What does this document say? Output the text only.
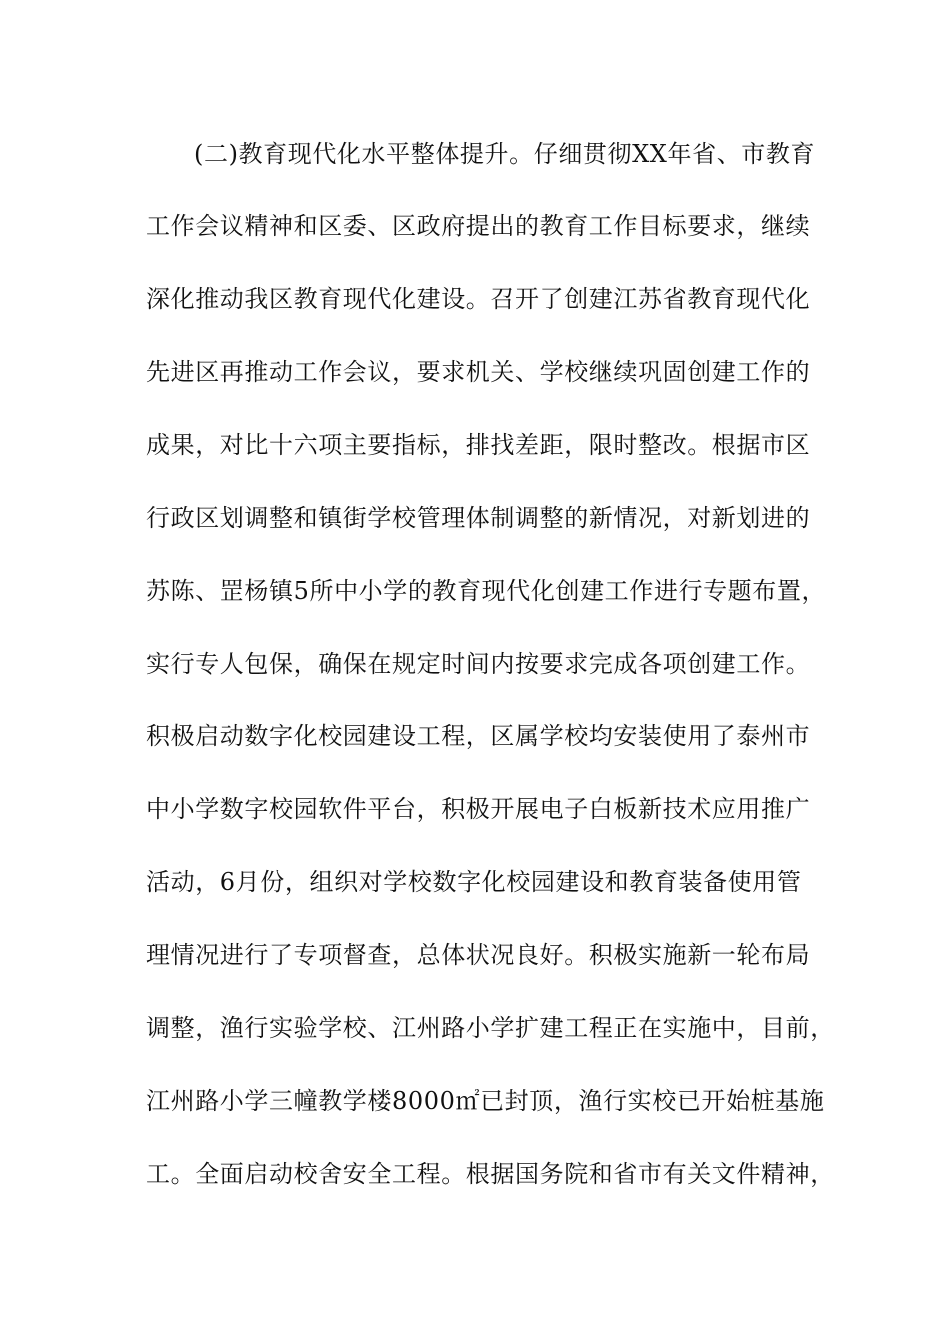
(二)教育现代化水平整体提升。仔细贯彻XX年省、市教育
工作会议精神和区委、区政府提出的教育工作目标要求，继续
深化推动我区教育现代化建设。召开了创建江苏省教育现代化
先进区再推动工作会议，要求机关、学校继续巩固创建工作的
成果，对比十六项主要指标，排找差距，限时整改。根据市区
行政区划调整和镇街学校管理体制调整的新情况，对新划进的
苏陈、罡杨镇5所中小学的教育现代化创建工作进行专题布置，
实行专人包保，确保在规定时间内按要求完成各项创建工作。
积极启动数字化校园建设工程，区属学校均安装使用了泰州市
中小学数字校园软件平台，积极开展电子白板新技术应用推广
活动，6月份，组织对学校数字化校园建设和教育装备使用管
理情况进行了专项督查，总体状况良好。积极实施新一轮布局
调整，渔行实验学校、江州路小学扩建工程正在实施中，目前，
江州路小学三幢教学楼8000㎡已封顶，渔行实校已开始桩基施
工。全面启动校舍安全工程。根据国务院和省市有关文件精神，
